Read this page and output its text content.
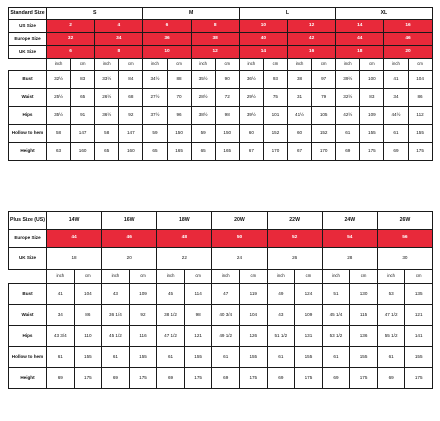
Standard Size	S				M				L				XL			
US Size	2		4		6		8		10		12		14		16	
Europe Size	32		34		36		38		40		42		44		46	
UK Size	6		8		10		12		14		16		18		20	
	inch	cm	inch	cm	inch	cm	inch	cm	inch	cm	inch	cm	inch	cm	inch	cm
Bust	32½	83	33½	84	34½	88	35½	90	36½	93	38	97	39½	100	41	104
Waist	25½	65	26½	68	27½	70	28½	72	29½	75	31	79	32½	83	34	86
Hips	35½	91	36½	92	37½	96	38½	98	39½	101	41½	105	42½	109	44½	112
Hollow to hem	58	147	58	147	59	150	59	150	60	152	60	152	61	155	61	155
Height	63	160	65	160	65	165	65	165	67	170	67	170	69	175	69	175
Plus Size (US)	14W		16W		18W		20W		22W		24W		26W	
Europe Size	44		46		48		50		52		54		56	
UK Size	18		20		22		24		26		28		30	
	inch	cm	inch	cm	inch	cm	inch	cm	inch	cm	inch	cm	inch	cm
Bust	41	104	43	109	45	114	47	119	49	124	51	130	53	135
Waist	34	86	36 1/4	92	38 1/2	98	40 3/4	104	43	109	45 1/4	115	47 1/2	121
Hips	43 3/4	110	45 1/2	116	47 1/2	121	49 1/2	126	51 1/2	131	53 1/2	136	55 1/2	141
Hollow to hem	61	155	61	155	61	155	61	155	61	155	61	155	61	155
Height	69	175	69	175	69	175	69	175	69	175	69	175	69	175
